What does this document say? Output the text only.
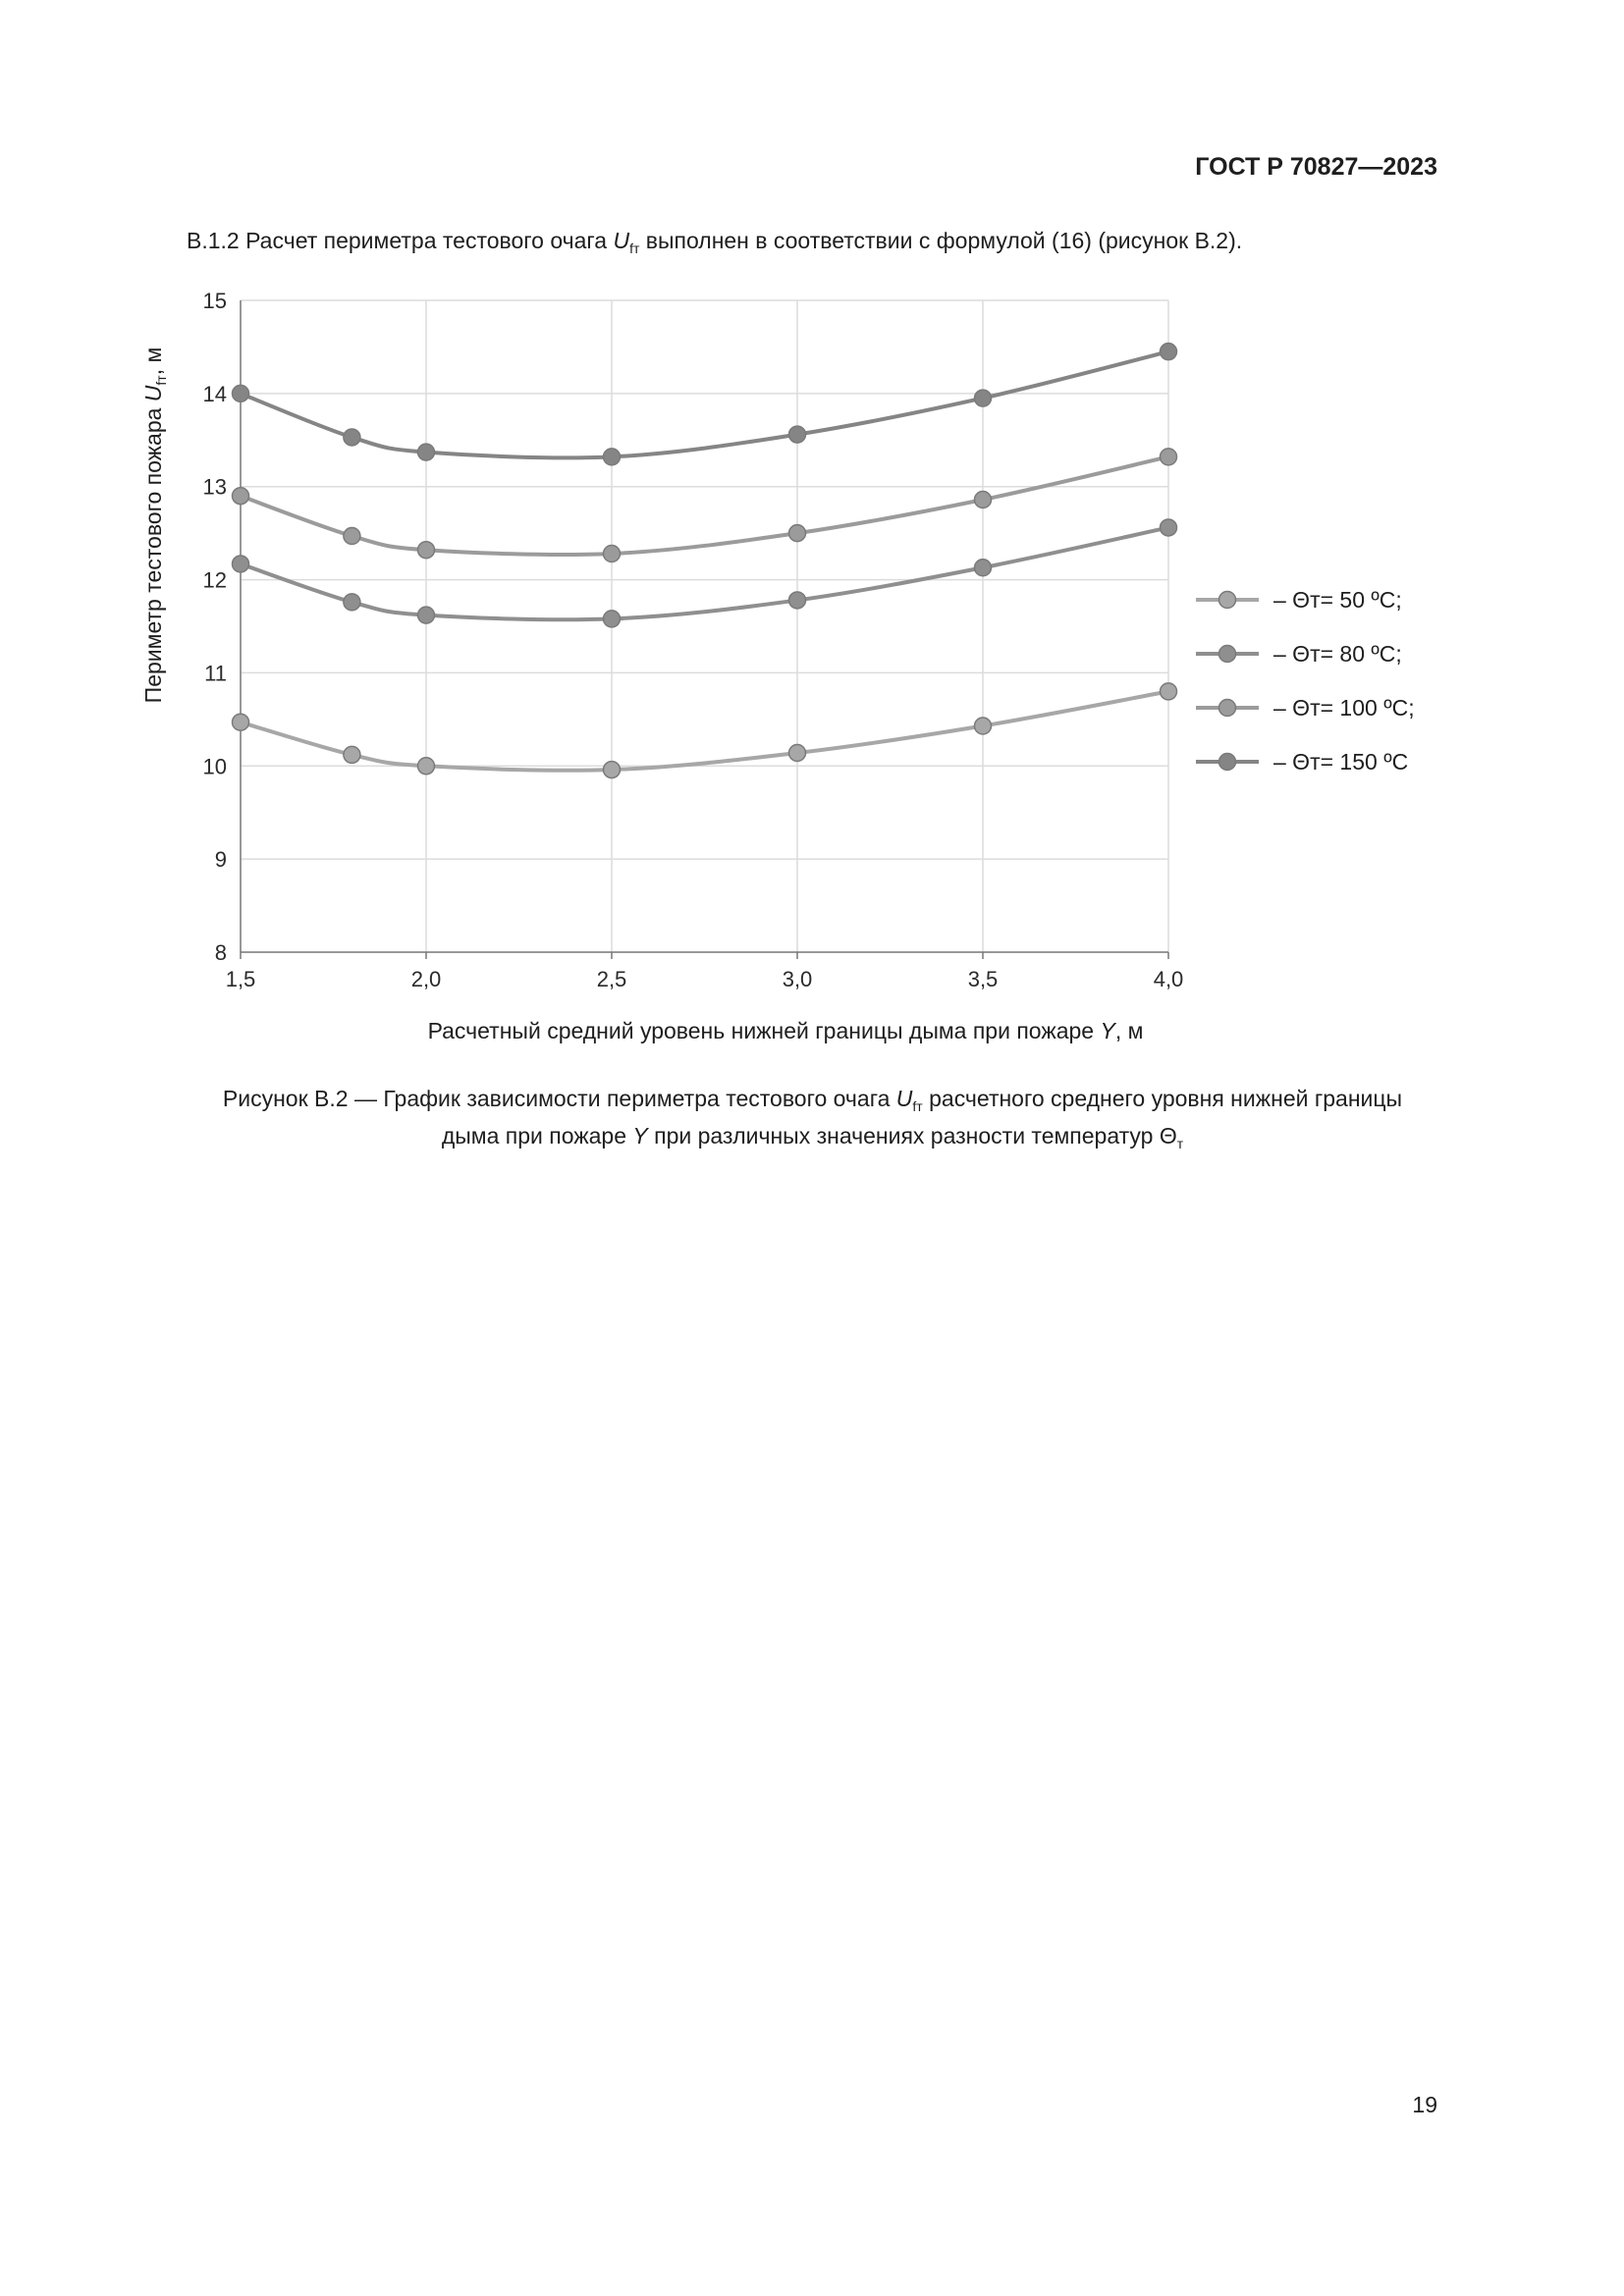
ГОСТ Р 70827—2023
В.1.2 Расчет периметра тестового очага $U_{fт}$ выполнен в соответствии с формулой (16) (рисунок В.2).
8
9
10
11
12
13
14
15
1,5	2,0	2,5	3,0	3,5	4,0
– Θт= 50 ºС;
– Θт= 80 ºС;
– Θт= 100 ºС;
– Θт= 150 ºС
Расчетный средний уровень нижней границы дыма при пожаре Y, м
Периметр тестового пожара $U_{fт}$, м
Рисунок В.2 — График зависимости периметра тестового очага $U_{fт}$ расчетного среднего уровня нижней границы
дыма при пожаре Y при различных значениях разности температур $\Theta_т$
19
